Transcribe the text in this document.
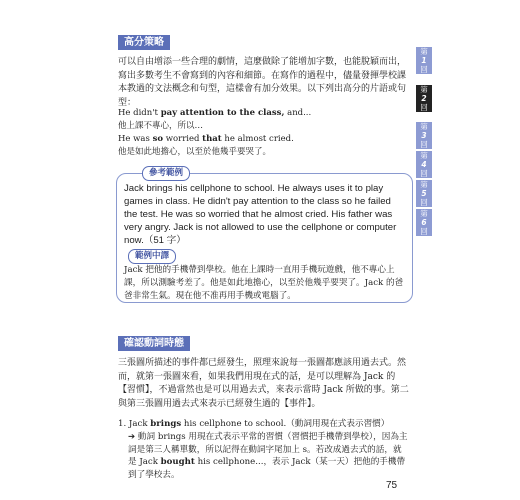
高分策略

可以自由增添一些合理的劇情，這麼做除了能增加字數，也能脫穎而出，寫出多數考生不會寫到的內容和細節。在寫作的過程中，儘量發揮學校課本教過的文法概念和句型，這樣會有加分效果。以下列出高分的片語或句型：

He didn't pay attention to the class, and...

他上課不專心，所以…

He was so worried that he almost cried.

他是如此地擔心，以至於他幾乎要哭了。

參考範例

Jack brings his cellphone to school. He always uses it to play games in class. He didn't pay attention to the class so he failed the test. He was so worried that he almost cried. His father was very angry. Jack is not allowed to use the cellphone or computer now.（51 字）

範例中譯

Jack 把他的手機帶到學校。他在上課時一直用手機玩遊戲，他不專心上課，所以測驗考差了。他是如此地擔心，以至於他幾乎要哭了。Jack 的爸爸非常生氣。現在他不准再用手機或電腦了。

第
1
回
第
2
回
第
3
回
第
4
回
第
5
回
第
6
回
確認動詞時態

三張圖所描述的事件都已經發生，照理來說每一張圖都應該用過去式。然而，就第一張圖來看，如果我們用現在式的話，是可以理解為 Jack 的【習慣】，不過當然也是可以用過去式，來表示當時 Jack 所做的事。第二與第三張圖用過去式來表示已經發生過的【事件】。

1. Jack brings his cellphone to school.（動詞用現在式表示習慣）

➔ 動詞 brings 用現在式表示平常的習慣（習慣把手機帶到學校），因為主詞是第三人稱單數，所以記得在動詞字尾加上 s。若改成過去式的話，就是 Jack bought his cellphone...，表示 Jack（某一天）把他的手機帶到了學校去。

75
